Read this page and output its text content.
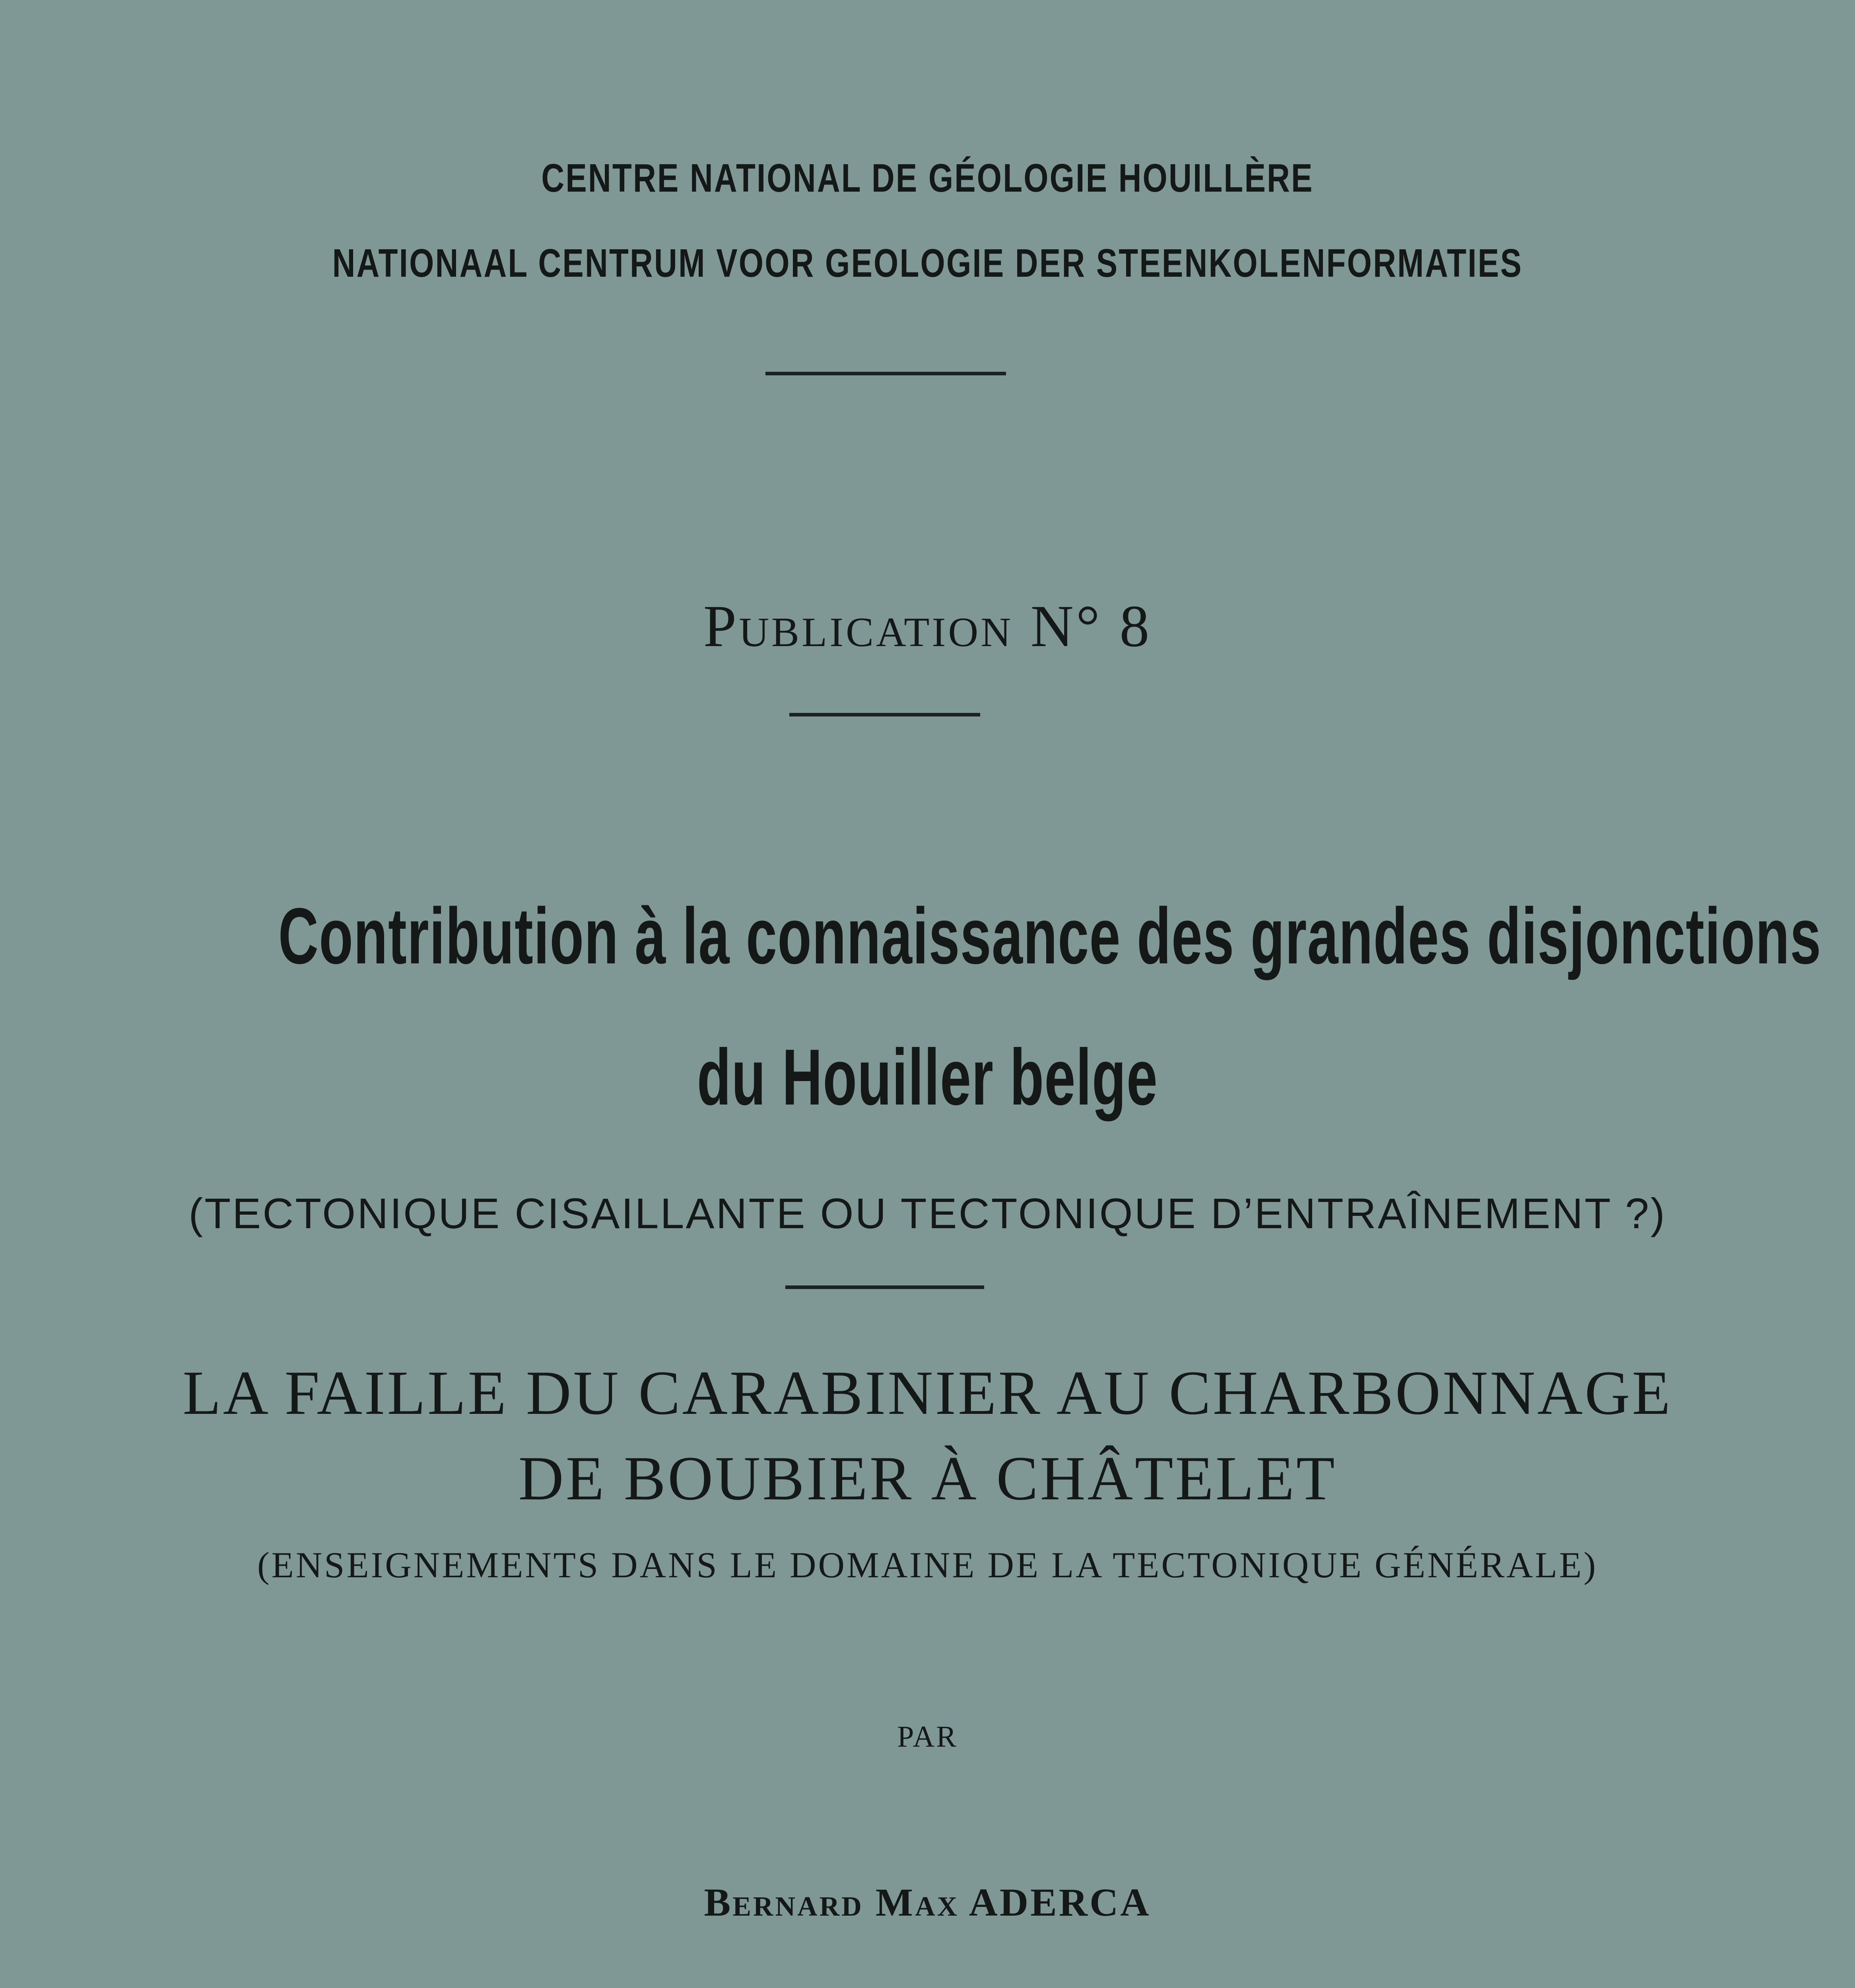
CENTRE NATIONAL DE GÉOLOGIE HOUILLÈRE
NATIONAAL CENTRUM VOOR GEOLOGIE DER STEENKOLENFORMATIES
Publication N° 8
Contribution à la connaissance des grandes disjonctions
du Houiller belge
(TECTONIQUE CISAILLANTE OU TECTONIQUE D’ENTRAÎNEMENT ?)
LA FAILLE DU CARABINIER AU CHARBONNAGE
DE BOUBIER À CHÂTELET
(ENSEIGNEMENTS DANS LE DOMAINE DE LA TECTONIQUE GÉNÉRALE)
PAR
Bernard Max ADERCA
